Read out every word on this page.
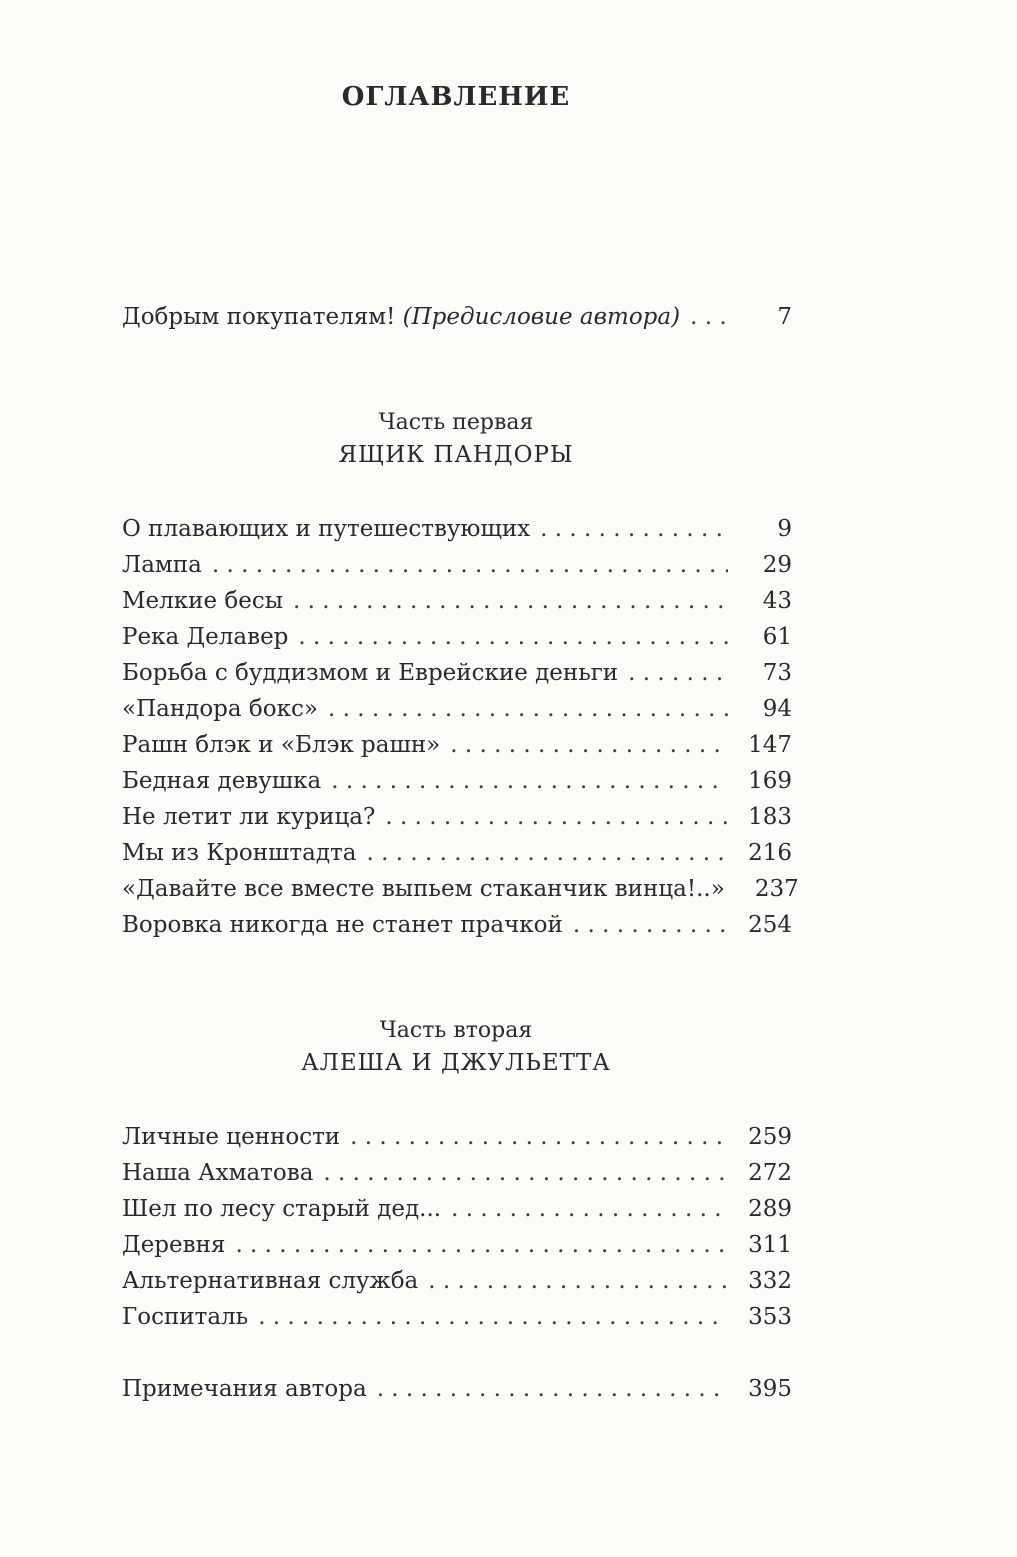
ОГЛАВЛЕНИЕ
Добрым покупателям! (Предисловие автора) . . .	7
Часть первая
ЯЩИК ПАНДОРЫ
О плавающих и путешествующих . . .	9
Лампа . . .	29
Мелкие бесы . . .	43
Река Делавер . . .	61
Борьба с буддизмом и Еврейские деньги . . .	73
«Пандора бокс» . . .	94
Рашн блэк и «Блэк рашн» . . .	147
Бедная девушка . . .	169
Не летит ли курица? . . .	183
Мы из Кронштадта . . .	216
«Давайте все вместе выпьем стаканчик винца!..»	237
Воровка никогда не станет прачкой . . .	254
Часть вторая
АЛЕША И ДЖУЛЬЕТТА
Личные ценности . . .	259
Наша Ахматова . . .	272
Шел по лесу старый дед... . . .	289
Деревня . . .	311
Альтернативная служба . . .	332
Госпиталь . . .	353
Примечания автора . . .	395
